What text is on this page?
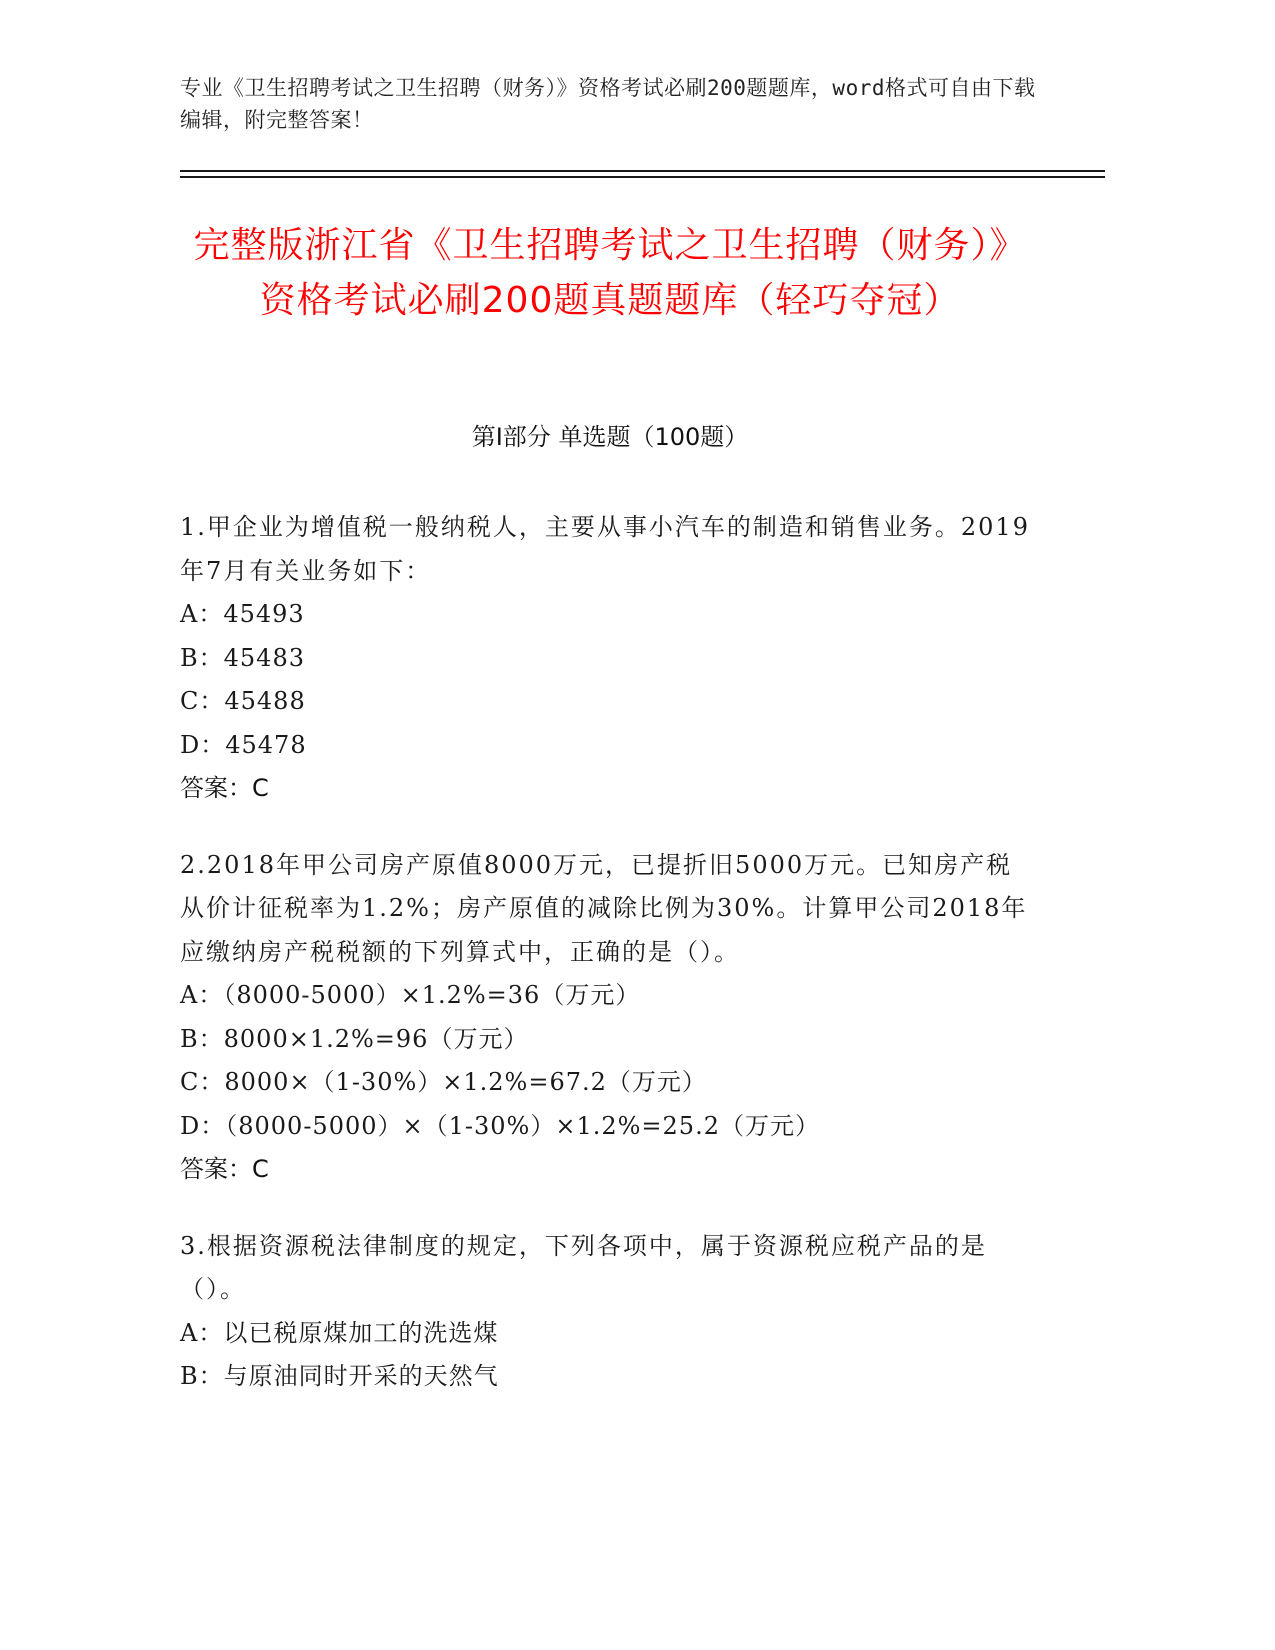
专业《卫生招聘考试之卫生招聘（财务）》资格考试必刷200题题库，word格式可自由下载编辑，附完整答案！
完整版浙江省《卫生招聘考试之卫生招聘（财务）》资格考试必刷200题真题题库（轻巧夺冠）
第Ⅰ部分 单选题（100题）
1.甲企业为增值税一般纳税人，主要从事小汽车的制造和销售业务。2019年7月有关业务如下：
A：45493
B：45483
C：45488
D：45478
答案：C
2.2018年甲公司房产原值8000万元，已提折旧5000万元。已知房产税从价计征税率为1.2%；房产原值的减除比例为30%。计算甲公司2018年应缴纳房产税税额的下列算式中，正确的是（）。
A：（8000-5000）×1.2%=36（万元）
B：8000×1.2%=96（万元）
C：8000×（1-30%）×1.2%=67.2（万元）
D：（8000-5000）×（1-30%）×1.2%=25.2（万元）
答案：C
3.根据资源税法律制度的规定，下列各项中，属于资源税应税产品的是（）。
A：以已税原煤加工的洗选煤
B：与原油同时开采的天然气
